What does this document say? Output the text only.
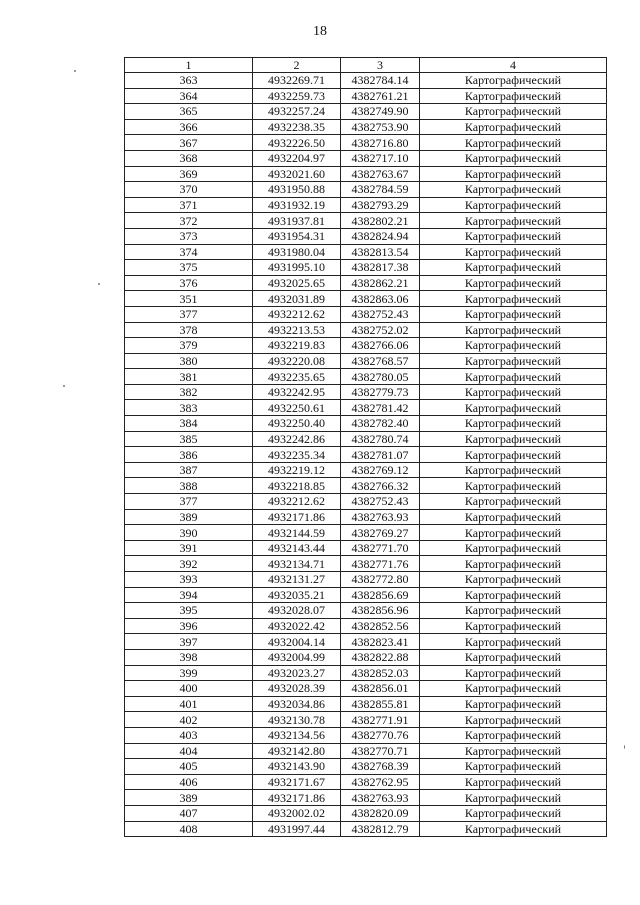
18
1	2	3	4
363	4932269.71	4382784.14	Картографический
364	4932259.73	4382761.21	Картографический
365	4932257.24	4382749.90	Картографический
366	4932238.35	4382753.90	Картографический
367	4932226.50	4382716.80	Картографический
368	4932204.97	4382717.10	Картографический
369	4932021.60	4382763.67	Картографический
370	4931950.88	4382784.59	Картографический
371	4931932.19	4382793.29	Картографический
372	4931937.81	4382802.21	Картографический
373	4931954.31	4382824.94	Картографический
374	4931980.04	4382813.54	Картографический
375	4931995.10	4382817.38	Картографический
376	4932025.65	4382862.21	Картографический
351	4932031.89	4382863.06	Картографический
377	4932212.62	4382752.43	Картографический
378	4932213.53	4382752.02	Картографический
379	4932219.83	4382766.06	Картографический
380	4932220.08	4382768.57	Картографический
381	4932235.65	4382780.05	Картографический
382	4932242.95	4382779.73	Картографический
383	4932250.61	4382781.42	Картографический
384	4932250.40	4382782.40	Картографический
385	4932242.86	4382780.74	Картографический
386	4932235.34	4382781.07	Картографический
387	4932219.12	4382769.12	Картографический
388	4932218.85	4382766.32	Картографический
377	4932212.62	4382752.43	Картографический
389	4932171.86	4382763.93	Картографический
390	4932144.59	4382769.27	Картографический
391	4932143.44	4382771.70	Картографический
392	4932134.71	4382771.76	Картографический
393	4932131.27	4382772.80	Картографический
394	4932035.21	4382856.69	Картографический
395	4932028.07	4382856.96	Картографический
396	4932022.42	4382852.56	Картографический
397	4932004.14	4382823.41	Картографический
398	4932004.99	4382822.88	Картографический
399	4932023.27	4382852.03	Картографический
400	4932028.39	4382856.01	Картографический
401	4932034.86	4382855.81	Картографический
402	4932130.78	4382771.91	Картографический
403	4932134.56	4382770.76	Картографический
404	4932142.80	4382770.71	Картографический
405	4932143.90	4382768.39	Картографический
406	4932171.67	4382762.95	Картографический
389	4932171.86	4382763.93	Картографический
407	4932002.02	4382820.09	Картографический
408	4931997.44	4382812.79	Картографический
